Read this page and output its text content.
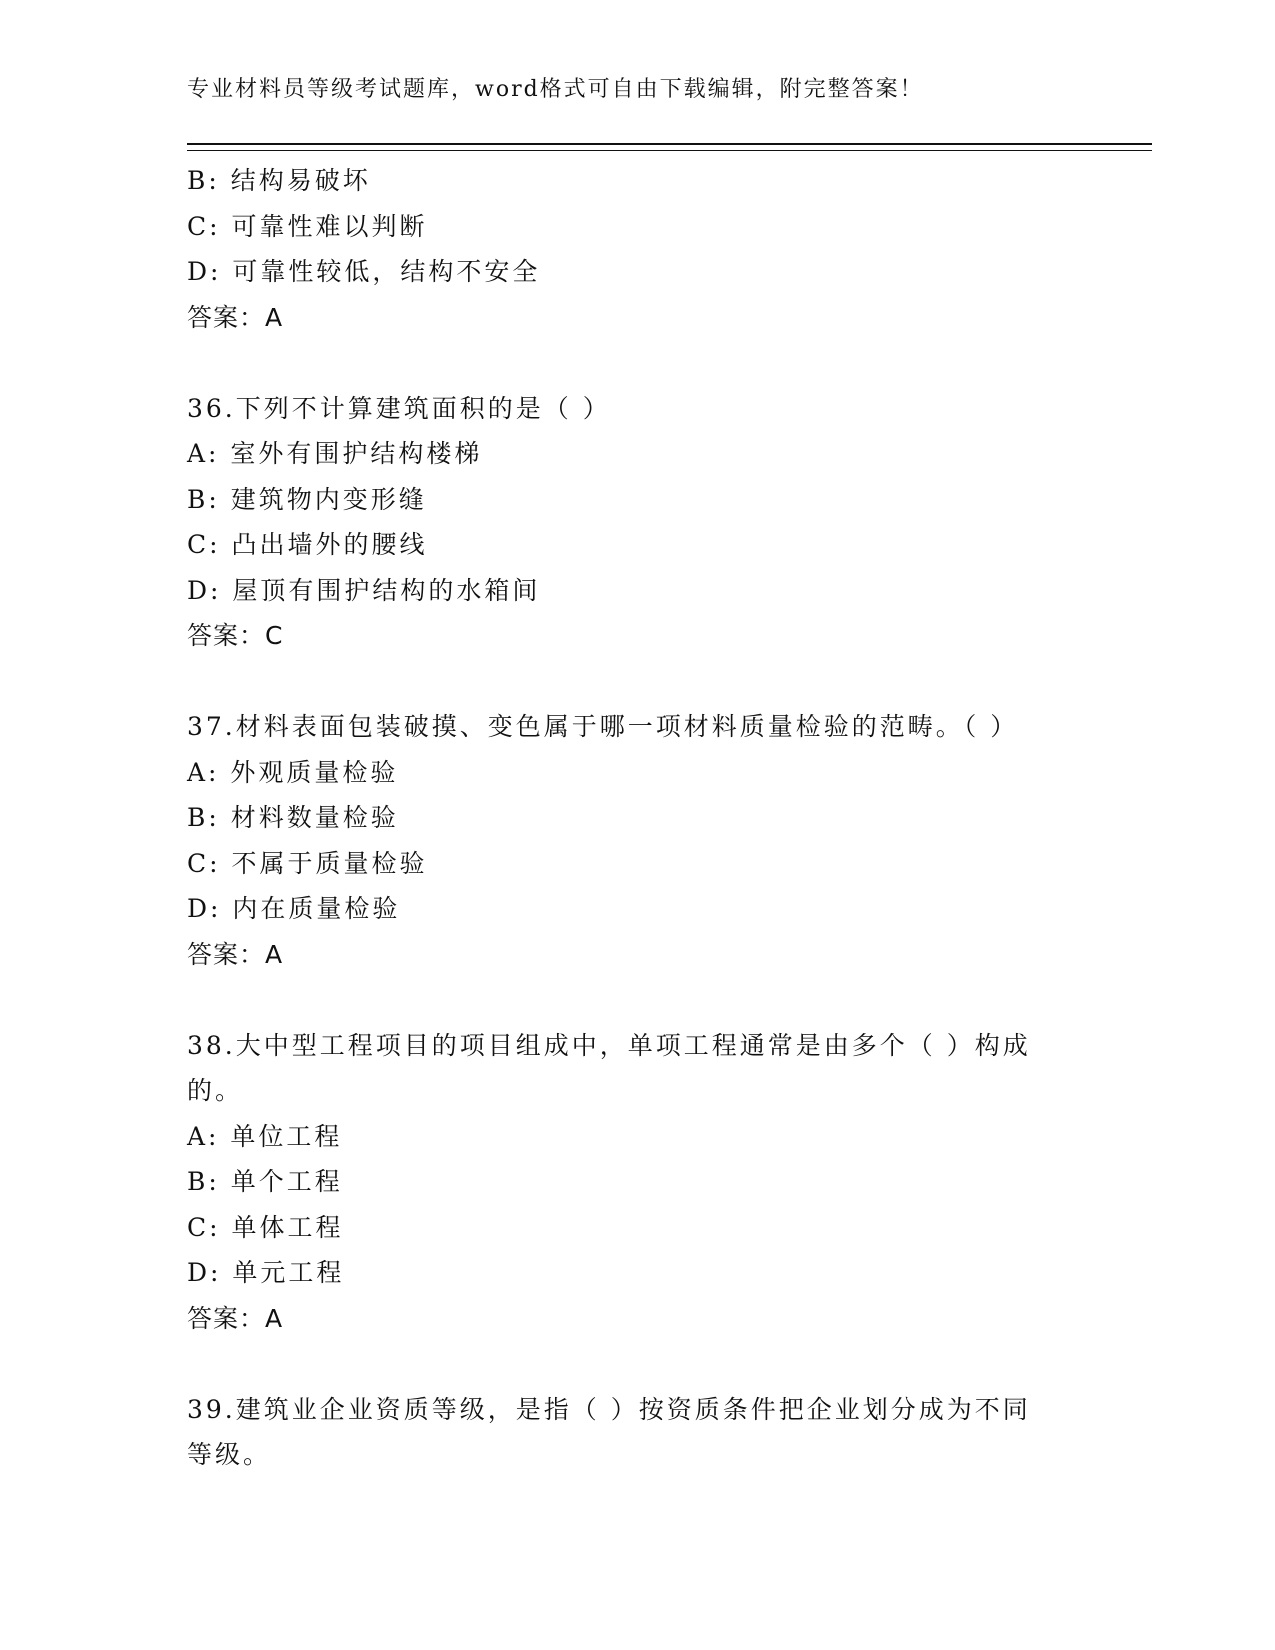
专业材料员等级考试题库，word格式可自由下载编辑，附完整答案！
B: 结构易破坏
C: 可靠性难以判断
D: 可靠性较低，结构不安全
答案：A
36.下列不计算建筑面积的是（ ）
A: 室外有围护结构楼梯
B: 建筑物内变形缝
C: 凸出墙外的腰线
D: 屋顶有围护结构的水箱间
答案：C
37.材料表面包装破摸、变色属于哪一项材料质量检验的范畴。（ ）
A: 外观质量检验
B: 材料数量检验
C: 不属于质量检验
D: 内在质量检验
答案：A
38.大中型工程项目的项目组成中，单项工程通常是由多个（ ）构成
的。
A: 单位工程
B: 单个工程
C: 单体工程
D: 单元工程
答案：A
39.建筑业企业资质等级，是指（ ）按资质条件把企业划分成为不同
等级。
